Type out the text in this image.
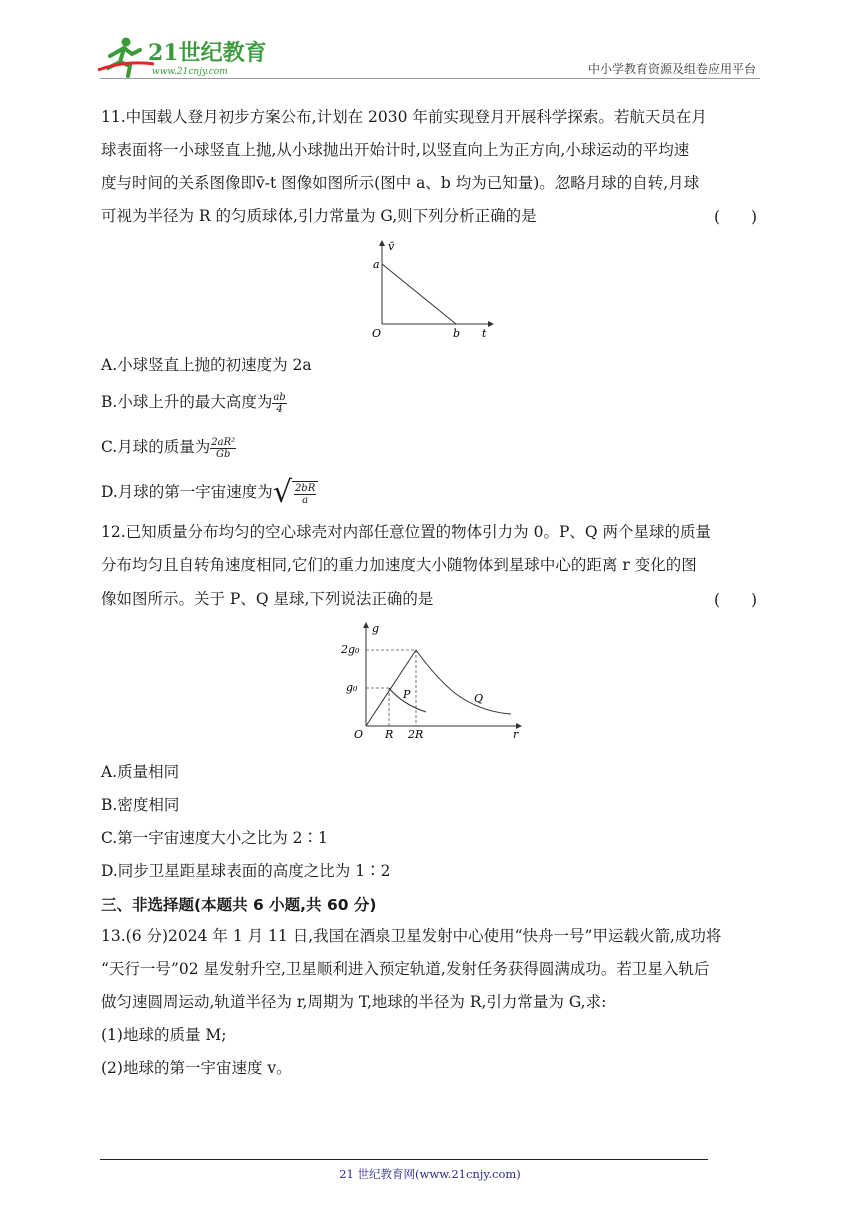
21世纪教育
www.21cnjy.com	中小学教育资源及组卷应用平台
11.中国载人登月初步方案公布,计划在 2030 年前实现登月开展科学探索。若航天员在月
球表面将一小球竖直上抛,从小球抛出开始计时,以竖直向上为正方向,小球运动的平均速
度与时间的关系图像即v̄-t 图像如图所示(图中 a、b 均为已知量)。忽略月球的自转,月球
可视为半径为 R 的匀质球体,引力常量为 G,则下列分析正确的是	(　　)
v̄
t
O
a
b
A.小球竖直上抛的初速度为 2a
B.小球上升的最大高度为 $\frac{ab}{4}$
C.月球的质量为 $\frac{\text{2aR²}}{Gb}$
D.月球的第一宇宙速度为√ $\frac{2bR}{a}$
12.已知质量分布均匀的空心球壳对内部任意位置的物体引力为 0。P、Q 两个星球的质量
分布均匀且自转角速度相同,它们的重力加速度大小随物体到星球中心的距离 r 变化的图
像如图所示。关于 P、Q 星球,下列说法正确的是	(　　)
g
r
O
2g₀
g₀
R 2R
P	Q
A.质量相同
B.密度相同
C.第一宇宙速度大小之比为 2∶1
D.同步卫星距星球表面的高度之比为 1∶2
三、非选择题(本题共 6 小题,共 60 分)
13.(6 分)2024 年 1 月 11 日,我国在酒泉卫星发射中心使用“快舟一号”甲运载火箭,成功将
“天行一号”02 星发射升空,卫星顺利进入预定轨道,发射任务获得圆满成功。若卫星入轨后
做匀速圆周运动,轨道半径为 r,周期为 T,地球的半径为 R,引力常量为 G,求:
(1)地球的质量 M;
(2)地球的第一宇宙速度 v。
21 世纪教育网(www.21cnjy.com)
